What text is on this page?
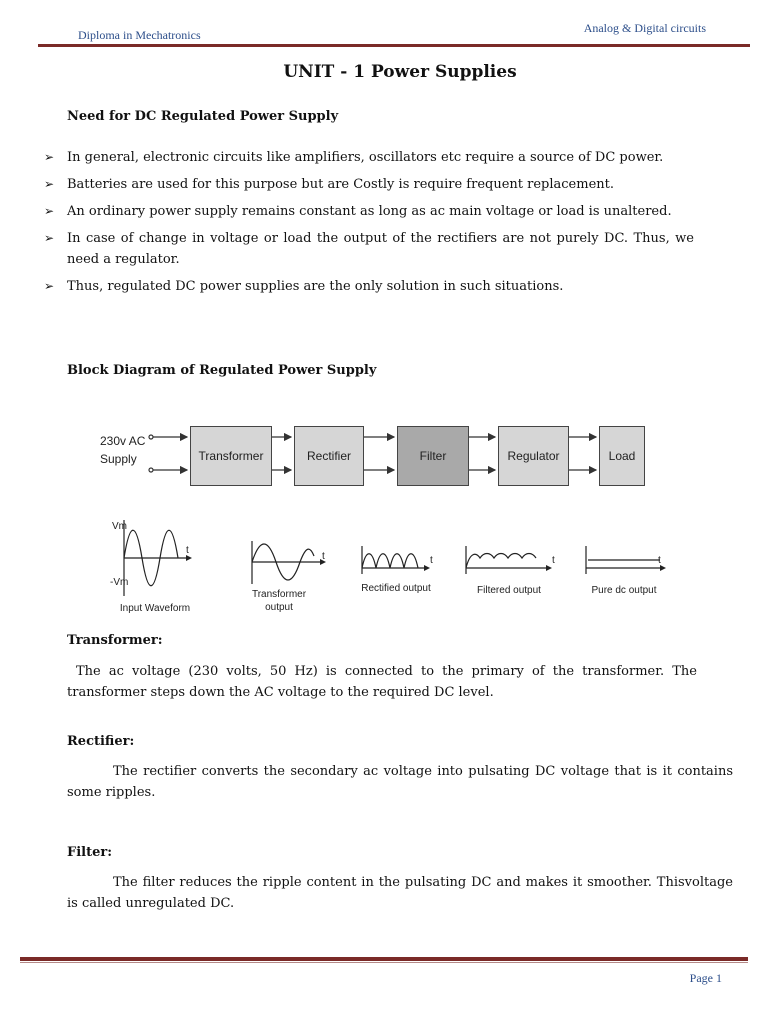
Diploma in Mechatronics	Analog & Digital circuits
UNIT - 1 Power Supplies
Need for DC Regulated Power Supply
➢ In general, electronic circuits like amplifiers, oscillators etc require a source of DC power.
➢ Batteries are used for this purpose but are Costly is require frequent replacement.
➢ An ordinary power supply remains constant as long as ac main voltage or load is unaltered.
➢ In case of change in voltage or load the output of the rectifiers are not purely DC. Thus, we need a regulator.
➢ Thus, regulated DC power supplies are the only solution in such situations.
Block Diagram of Regulated Power Supply
230v AC
Supply	Transformer	Rectifier	Filter	Regulator	Load
Vm
-Vm
t
t	t	t	t
Input Waveform
Transformer output
Rectified output	Filtered output	Pure dc output
Transformer:
The ac voltage (230 volts, 50 Hz) is connected to the primary of the transformer. The transformer steps down the AC voltage to the required DC level.
Rectifier:
The rectifier converts the secondary ac voltage into pulsating DC voltage that is it contains some ripples.
Filter:
The filter reduces the ripple content in the pulsating DC and makes it smoother. Thisvoltage is called unregulated DC.
Page 1
